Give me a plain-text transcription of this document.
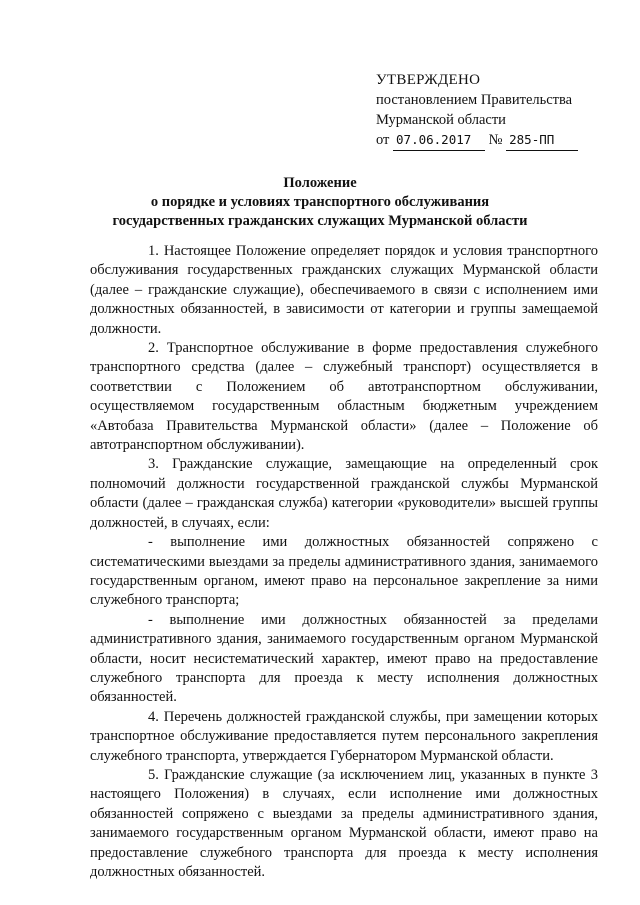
УТВЕРЖДЕНО
постановлением Правительства
Мурманской области
от 07.06.2017 № 285-ПП
Положение
о порядке и условиях транспортного обслуживания
государственных гражданских служащих Мурманской области

1. Настоящее Положение определяет порядок и условия транспортного обслуживания государственных гражданских служащих Мурманской области (далее – гражданские служащие), обеспечиваемого в связи с исполнением ими должностных обязанностей, в зависимости от категории и группы замещаемой должности.

2. Транспортное обслуживание в форме предоставления служебного транспортного средства (далее – служебный транспорт) осуществляется в соответствии с Положением об автотранспортном обслуживании, осуществляемом государственным областным бюджетным учреждением «Автобаза Правительства Мурманской области» (далее – Положение об автотранспортном обслуживании).

3. Гражданские служащие, замещающие на определенный срок полномочий должности государственной гражданской службы Мурманской области (далее – гражданская служба) категории «руководители» высшей группы должностей, в случаях, если:

- выполнение ими должностных обязанностей сопряжено с систематическими выездами за пределы административного здания, занимаемого государственным органом, имеют право на персональное закрепление за ними служебного транспорта;

- выполнение ими должностных обязанностей за пределами административного здания, занимаемого государственным органом Мурманской области, носит несистематический характер, имеют право на предоставление служебного транспорта для проезда к месту исполнения должностных обязанностей.

4. Перечень должностей гражданской службы, при замещении которых транспортное обслуживание предоставляется путем персонального закрепления служебного транспорта, утверждается Губернатором Мурманской области.

5. Гражданские служащие (за исключением лиц, указанных в пункте 3 настоящего Положения) в случаях, если исполнение ими должностных обязанностей сопряжено с выездами за пределы административного здания, занимаемого государственным органом Мурманской области, имеют право на предоставление служебного транспорта для проезда к месту исполнения должностных обязанностей.
